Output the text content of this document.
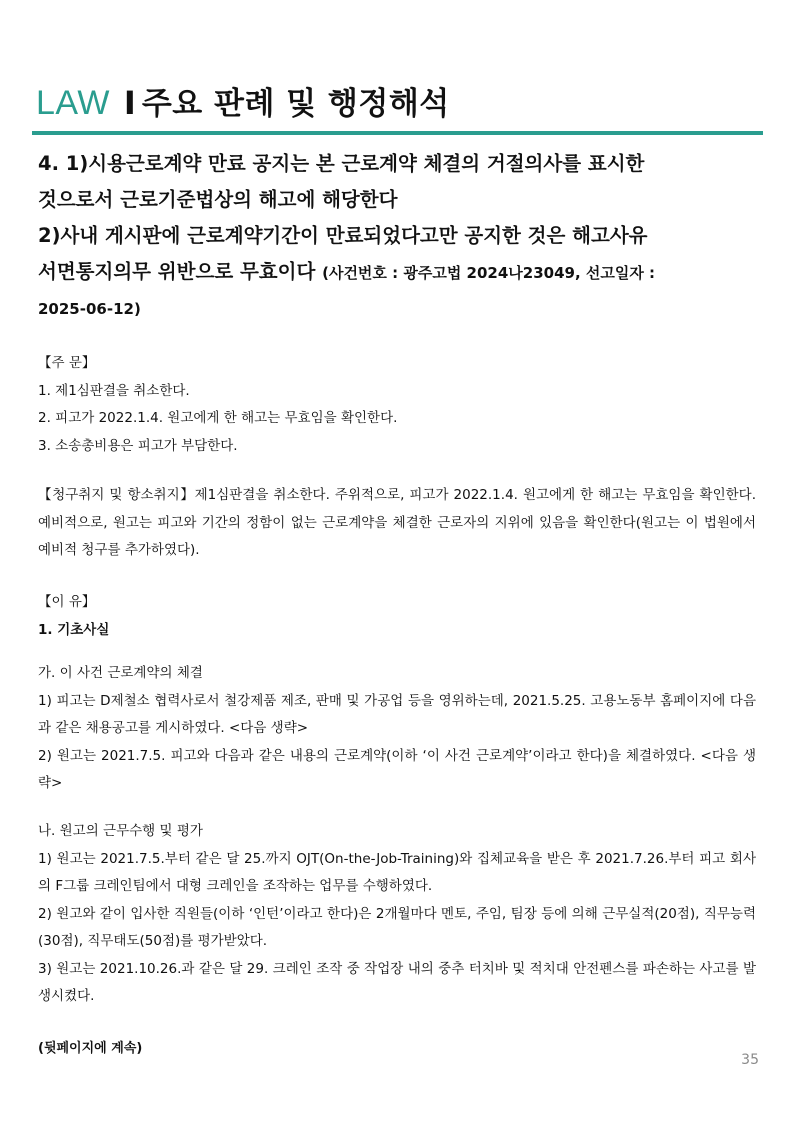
LAW I 주요 판례 및 행정해석
4. 1)시용근로계약 만료 공지는 본 근로계약 체결의 거절의사를 표시한
것으로서 근로기준법상의 해고에 해당한다
2)사내 게시판에 근로계약기간이 만료되었다고만 공지한 것은 해고사유
서면통지의무 위반으로 무효이다 (사건번호 : 광주고법 2024나23049, 선고일자 :
2025-06-12)

【주 문】

1. 제1심판결을 취소한다.

2. 피고가 2022.1.4. 원고에게 한 해고는 무효임을 확인한다.

3. 소송총비용은 피고가 부담한다.

【청구취지 및 항소취지】제1심판결을 취소한다. 주위적으로, 피고가 2022.1.4. 원고에게 한 해고는 무효임을 확인한다. 예비적으로, 원고는 피고와 기간의 정함이 없는 근로계약을 체결한 근로자의 지위에 있음을 확인한다(원고는 이 법원에서 예비적 청구를 추가하였다).

【이 유】

1. 기초사실

가. 이 사건 근로계약의 체결

1) 피고는 D제철소 협력사로서 철강제품 제조, 판매 및 가공업 등을 영위하는데, 2021.5.25. 고용노동부 홈페이지에 다음과 같은 채용공고를 게시하였다. <다음 생략>

2) 원고는 2021.7.5. 피고와 다음과 같은 내용의 근로계약(이하 ‘이 사건 근로계약’이라고 한다)을 체결하였다. <다음 생략>

나. 원고의 근무수행 및 평가

1) 원고는 2021.7.5.부터 같은 달 25.까지 OJT(On-the-Job-Training)와 집체교육을 받은 후 2021.7.26.부터 피고 회사의 F그룹 크레인팀에서 대형 크레인을 조작하는 업무를 수행하였다.

2) 원고와 같이 입사한 직원들(이하 ‘인턴’이라고 한다)은 2개월마다 멘토, 주임, 팀장 등에 의해 근무실적(20점), 직무능력(30점), 직무태도(50점)를 평가받았다.

3) 원고는 2021.10.26.과 같은 달 29. 크레인 조작 중 작업장 내의 중추 터치바 및 적치대 안전펜스를 파손하는 사고를 발생시켰다.

(뒷페이지에 계속)
35
